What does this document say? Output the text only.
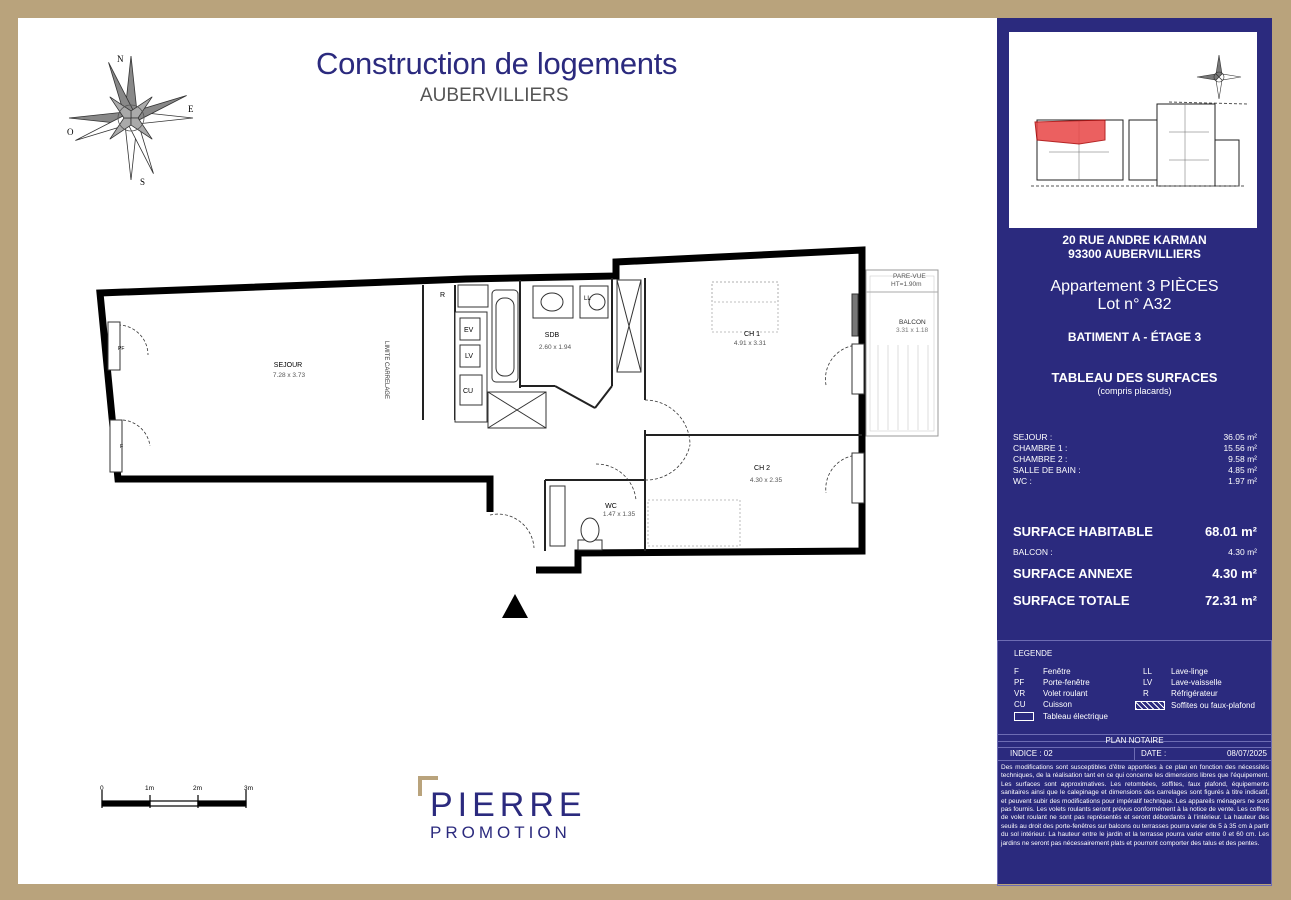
Construction de logements
AUBERVILLIERS
N
E
S
O
PARE-VUE
HT=1.90m
BALCON
3.31 x 1.18
R
EV
LV
CU
LIMITE CARRELAGE
LL
PF
F
SEJOUR
7.28 x 3.73
SDB
2.60 x 1.94
CH 1
4.91 x 3.31
CH 2
4.30 x 2.35
WC
1.47 x 1.35
0	1m	2m	3m	PIERRE
PROMOTION
20 RUE ANDRE KARMAN
93300 AUBERVILLIERS
Appartement 3 PIÈCES
Lot n° A32
BATIMENT A - ÉTAGE 3
TABLEAU DES SURFACES
(compris placards)
SEJOUR :	36.05 m²
CHAMBRE 1 :	15.56 m²
CHAMBRE 2 :	9.58 m²
SALLE DE BAIN :	4.85 m²
WC :	1.97 m²
SURFACE HABITABLE	68.01 m²
BALCON :	4.30 m²
SURFACE ANNEXE	4.30 m²
SURFACE TOTALE	72.31 m²
LEGENDE
F	Fenêtre
PF Porte-fenêtre
VR Volet roulant
CU Cuisson
Tableau électrique
LL Lave-linge
LV Lave-vaisselle
R	Réfrigérateur
Soffites ou faux-plafond
PLAN NOTAIRE
INDICE : 02	DATE :	08/07/2025
Des modifications sont susceptibles d'être apportées à ce plan en fonction des nécessités techniques, de la réalisation tant en ce qui concerne les dimensions libres que l'équipement. Les surfaces sont approximatives. Les retombées, soffites, faux plafond, équipements sanitaires ainsi que le calepinage et dimensions des carrelages sont figurés à titre indicatif, et peuvent subir des modifications pour impératif technique. Les appareils ménagers ne sont pas fournis. Les volets roulants seront prévus conformément à la notice de vente. Les coffres de volet roulant ne sont pas représentés et seront débordants à l'intérieur. La hauteur des seuils au droit des porte-fenêtres sur balcons ou terrasses pourra varier de 5 à 35 cm à partir du sol intérieur. La hauteur entre le jardin et la terrasse pourra varier entre 0 et 60 cm. Les jardins ne seront pas nécessairement plats et pourront comporter des talus et des pentes.
